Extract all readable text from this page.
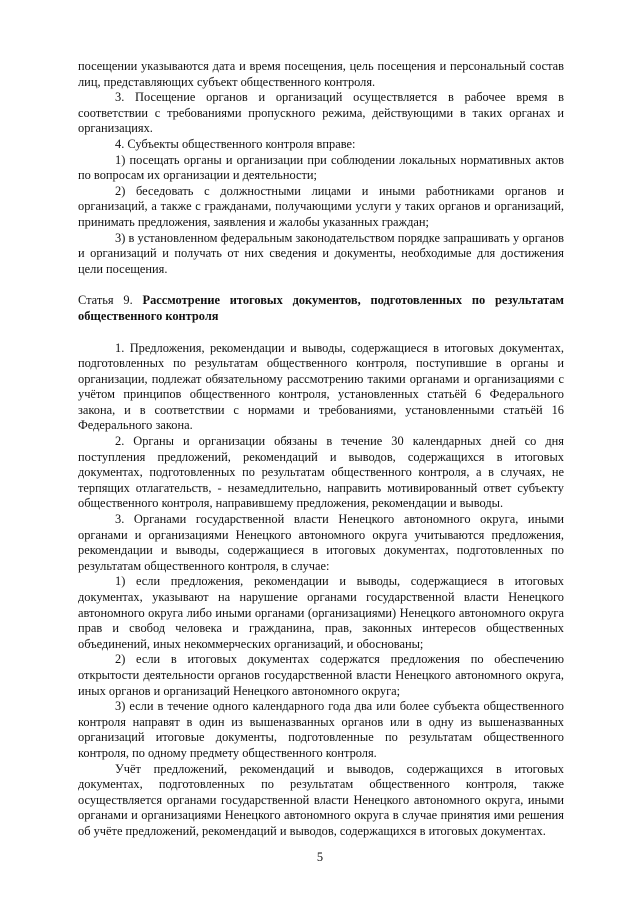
посещении указываются дата и время посещения, цель посещения и персональный состав лиц, представляющих субъект общественного контроля.

3. Посещение органов и организаций осуществляется в рабочее время в соответствии с требованиями пропускного режима, действующими в таких органах и организациях.

4. Субъекты общественного контроля вправе:

1) посещать органы и организации при соблюдении локальных нормативных актов по вопросам их организации и деятельности;

2) беседовать с должностными лицами и иными работниками органов и организаций, а также с гражданами, получающими услуги у таких органов и организаций, принимать предложения, заявления и жалобы указанных граждан;

3) в установленном федеральным законодательством порядке запрашивать у органов и организаций и получать от них сведения и документы, необходимые для достижения цели посещения.

Статья 9. Рассмотрение итоговых документов, подготовленных по результатам общественного контроля

1. Предложения, рекомендации и выводы, содержащиеся в итоговых документах, подготовленных по результатам общественного контроля, поступившие в органы и организации, подлежат обязательному рассмотрению такими органами и организациями с учётом принципов общественного контроля, установленных статьёй 6 Федерального закона, и в соответствии с нормами и требованиями, установленными статьёй 16 Федерального закона.

2. Органы и организации обязаны в течение 30 календарных дней со дня поступления предложений, рекомендаций и выводов, содержащихся в итоговых документах, подготовленных по результатам общественного контроля, а в случаях, не терпящих отлагательств, - незамедлительно, направить мотивированный ответ субъекту общественного контроля, направившему предложения, рекомендации и выводы.

3. Органами государственной власти Ненецкого автономного округа, иными органами и организациями Ненецкого автономного округа учитываются предложения, рекомендации и выводы, содержащиеся в итоговых документах, подготовленных по результатам общественного контроля, в случае:

1) если предложения, рекомендации и выводы, содержащиеся в итоговых документах, указывают на нарушение органами государственной власти Ненецкого автономного округа либо иными органами (организациями) Ненецкого автономного округа прав и свобод человека и гражданина, прав, законных интересов общественных объединений, иных некоммерческих организаций, и обоснованы;

2) если в итоговых документах содержатся предложения по обеспечению открытости деятельности органов государственной власти Ненецкого автономного округа, иных органов и организаций Ненецкого автономного округа;

3) если в течение одного календарного года два или более субъекта общественного контроля направят в один из вышеназванных органов или в одну из вышеназванных организаций итоговые документы, подготовленные по результатам общественного контроля, по одному предмету общественного контроля.

Учёт предложений, рекомендаций и выводов, содержащихся в итоговых документах, подготовленных по результатам общественного контроля, также осуществляется органами государственной власти Ненецкого автономного округа, иными органами и организациями Ненецкого автономного округа в случае принятия ими решения об учёте предложений, рекомендаций и выводов, содержащихся в итоговых документах.

5
